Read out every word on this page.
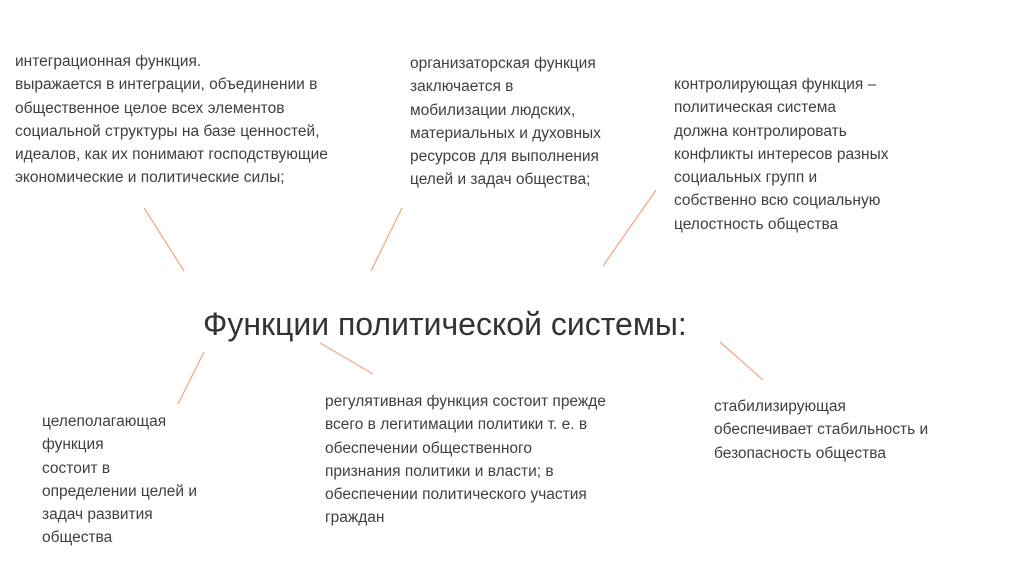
Функции политической системы:
интеграционная функция.
выражается в интеграции, объединении в
общественное целое всех элементов
социальной структуры на базе ценностей,
идеалов, как их понимают господствующие
экономические и политические силы;
организаторская функция
заключается в
мобилизации людских,
материальных и духовных
ресурсов для выполнения
целей и задач общества;
контролирующая функция –
политическая система
должна контролировать
конфликты интересов разных
социальных групп и
собственно всю социальную
целостность общества
целеполагающая
функция
состоит в
определении целей и
задач развития
общества
регулятивная функция состоит прежде
всего в легитимации политики т. е. в
обеспечении общественного
признания политики и власти; в
обеспечении политического участия
граждан
стабилизирующая
обеспечивает стабильность и
безопасность общества
